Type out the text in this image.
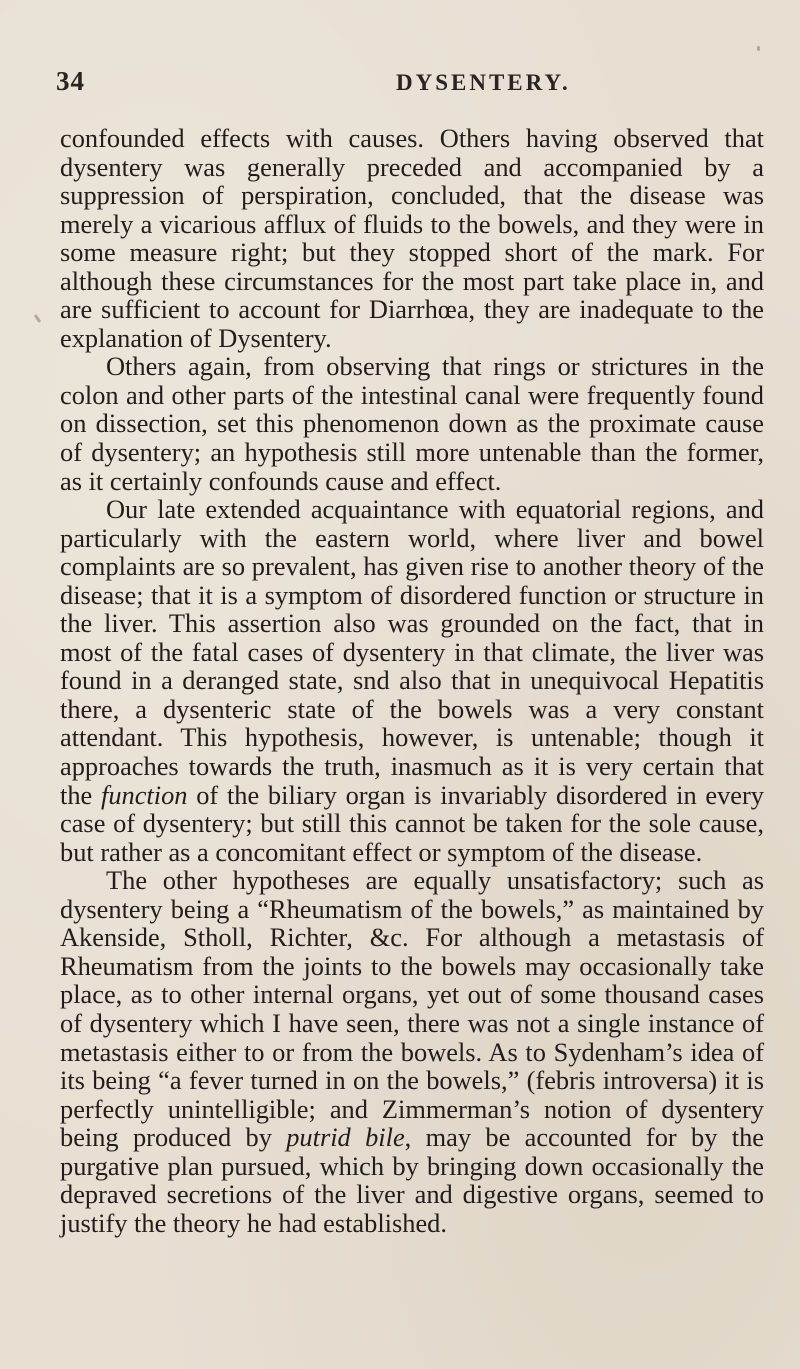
34	DYSENTERY.

confounded effects with causes. Others having observed that dysentery was generally preceded and accompanied by a suppression of perspiration, concluded, that the disease was merely a vicarious afflux of fluids to the bowels, and they were in some measure right; but they stopped short of the mark. For although these circumstances for the most part take place in, and are sufficient to account for Diarrhœa, they are inadequate to the explanation of Dysentery.

Others again, from observing that rings or strictures in the colon and other parts of the intestinal canal were frequently found on dissection, set this phenomenon down as the proximate cause of dysentery; an hypothesis still more untenable than the former, as it certainly confounds cause and effect.

Our late extended acquaintance with equatorial regions, and particularly with the eastern world, where liver and bowel complaints are so prevalent, has given rise to another theory of the disease; that it is a symptom of disordered function or structure in the liver. This assertion also was grounded on the fact, that in most of the fatal cases of dysentery in that climate, the liver was found in a deranged state, snd also that in unequivocal Hepatitis there, a dysenteric state of the bowels was a very constant attendant. This hypothesis, however, is untenable; though it approaches towards the truth, inasmuch as it is very certain that the function of the biliary organ is invariably disordered in every case of dysentery; but still this cannot be taken for the sole cause, but rather as a concomitant effect or symptom of the disease.

The other hypotheses are equally unsatisfactory; such as dysentery being a “Rheumatism of the bowels,” as maintained by Akenside, Stholl, Richter, &c. For although a metastasis of Rheumatism from the joints to the bowels may occasionally take place, as to other internal organs, yet out of some thousand cases of dysentery which I have seen, there was not a single instance of metastasis either to or from the bowels. As to Sydenham’s idea of its being “a fever turned in on the bowels,” (febris introversa) it is perfectly unintelligible; and Zimmerman’s notion of dysentery being produced by putrid bile, may be accounted for by the purgative plan pursued, which by bringing down occasionally the depraved secretions of the liver and digestive organs, seemed to justify the theory he had established.
